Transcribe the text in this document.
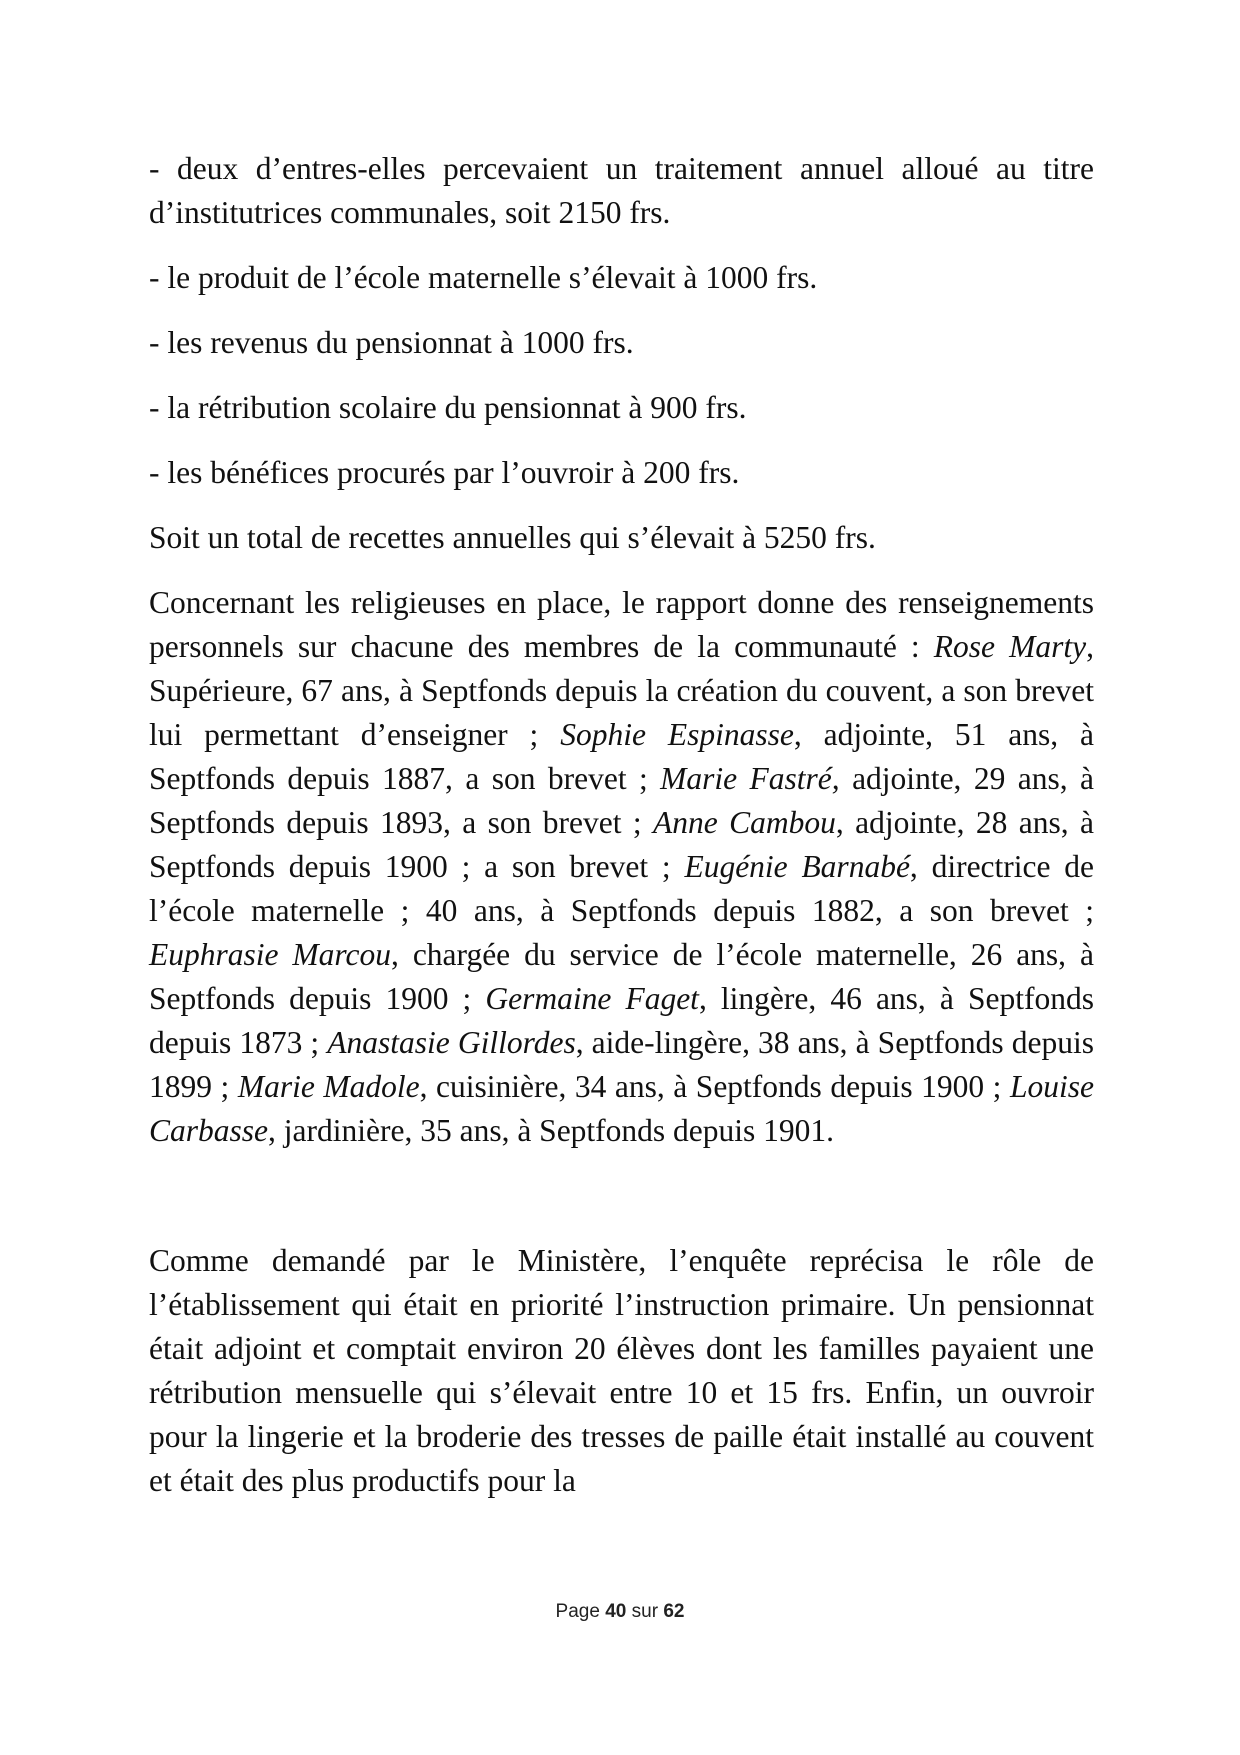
- deux d’entres-elles percevaient un traitement annuel alloué au titre d’institutrices communales, soit 2150 frs.

- le produit de l’école maternelle s’élevait à 1000 frs.

- les revenus du pensionnat à 1000 frs.

- la rétribution scolaire du pensionnat à 900 frs.

- les bénéfices procurés par l’ouvroir à 200 frs.

Soit un total de recettes annuelles qui s’élevait à 5250 frs.

Concernant les religieuses en place, le rapport donne des renseignements personnels sur chacune des membres de la communauté : Rose Marty, Supérieure, 67 ans, à Septfonds depuis la création du couvent, a son brevet lui permettant d’enseigner ; Sophie Espinasse, adjointe, 51 ans, à Septfonds depuis 1887, a son brevet ; Marie Fastré, adjointe, 29 ans, à Septfonds depuis 1893, a son brevet ; Anne Cambou, adjointe, 28 ans, à Septfonds depuis 1900 ; a son brevet ; Eugénie Barnabé, directrice de l’école maternelle ; 40 ans, à Septfonds depuis 1882, a son brevet ; Euphrasie Marcou, chargée du service de l’école maternelle, 26 ans, à Septfonds depuis 1900 ; Germaine Faget, lingère, 46 ans, à Septfonds depuis 1873 ; Anastasie Gillordes, aide-lingère, 38 ans, à Septfonds depuis 1899 ; Marie Madole, cuisinière, 34 ans, à Septfonds depuis 1900 ; Louise Carbasse, jardinière, 35 ans, à Septfonds depuis 1901.

Comme demandé par le Ministère, l’enquête reprécisa le rôle de l’établissement qui était en priorité l’instruction primaire. Un pensionnat était adjoint et comptait environ 20 élèves dont les familles payaient une rétribution mensuelle qui s’élevait entre 10 et 15 frs. Enfin, un ouvroir pour la lingerie et la broderie des tresses de paille était installé au couvent et était des plus productifs pour la

Page 40 sur 62
